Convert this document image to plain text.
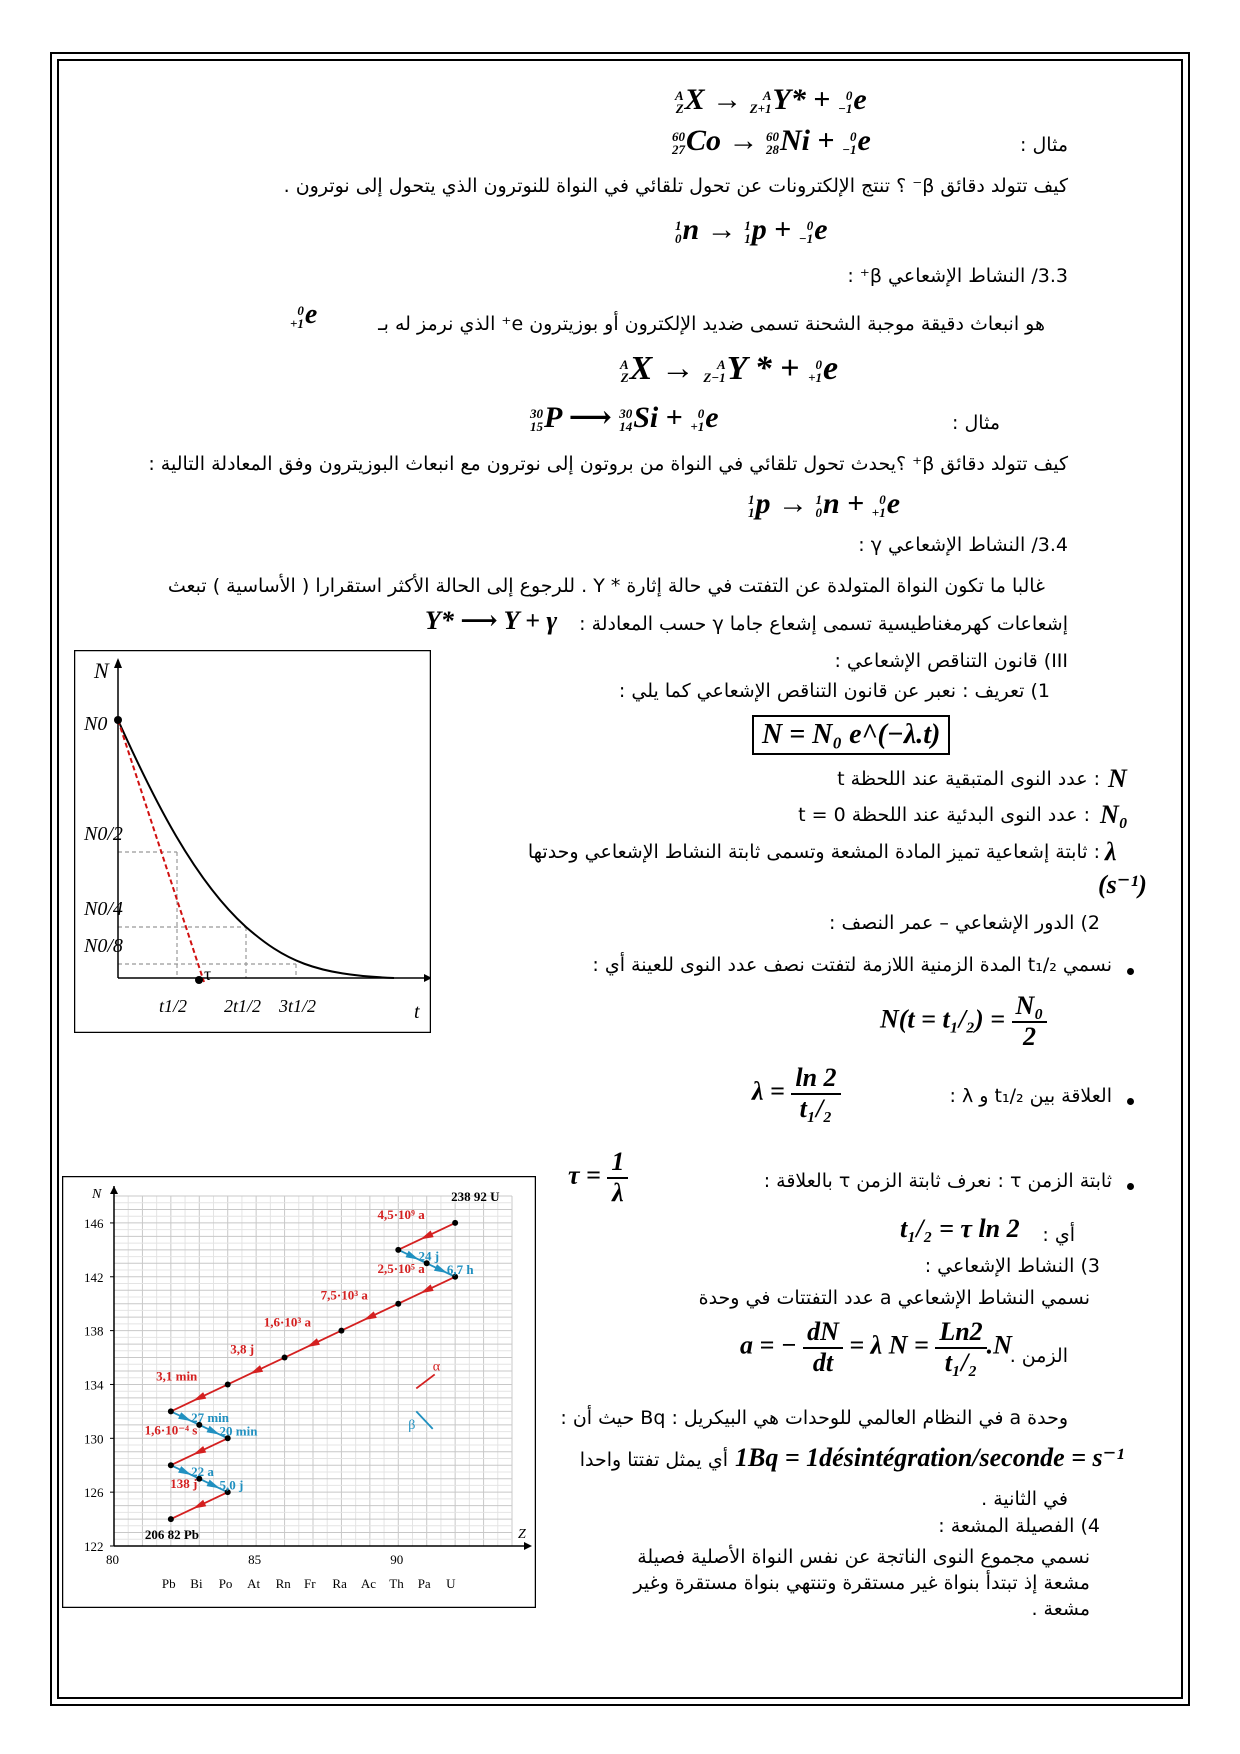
A
Z X →	A
Z+1 Y* +	0
−1 e
مثال :
60
27 Co → 60
28 Ni +	0
−1 e
كيف تتولد دقائق β⁻ ؟ تنتج الإلكترونات عن تحول تلقائي في النواة للنوترون الذي يتحول إلى نوترون .
1
0 n → 1
1 p +	0
−1 e
3.3/ النشاط الإشعاعي β⁺ :
هو انبعاث دقيقة موجبة الشحنة تسمى ضديد الإلكترون أو بوزيترون e⁺ الذي نرمز له بـ
0
+1 e
A
Z X →	A
Z−1 Y * +	0
+1 e
مثال :
30
15 P ⟶ 30
14 Si +	0
+1 e
كيف تتولد دقائق β⁺ ؟يحدث تحول تلقائي في النواة من بروتون إلى نوترون مع انبعاث البوزيترون وفق المعادلة التالية :
1
1 p → 1
0 n +	0
+1 e
3.4/ النشاط الإشعاعي γ :
غالبا ما تكون النواة المتولدة عن التفتت في حالة إثارة * Y . للرجوع إلى الحالة الأكثر استقرارا ( الأساسية ) تبعث
إشعاعات كهرمغناطيسية تسمى إشعاع جاما γ حسب المعادلة :
Y* ⟶ Y + γ
III) قانون التناقص الإشعاعي :
1) تعريف : نعبر عن قانون التناقص الإشعاعي كما يلي :
N = N₀ e^(−λ.t)
N
: عدد النوى المتبقية عند اللحظة t
N₀
: عدد النوى البدئية عند اللحظة t = 0
λ
: ثابتة إشعاعية تميز المادة المشعة وتسمى ثابتة النشاط الإشعاعي وحدتها
(s⁻¹)
2) الدور الإشعاعي – عمر النصف :
نسمي t₁/₂ المدة الزمنية اللازمة لتفتت نصف عدد النوى للعينة أي :
$N(t = t_1/_2) = \frac{\text{N₀}}{2}$
العلاقة بين t₁/₂ و λ :
$\lambda = \frac{\ln 2}{\text{t₁/₂}}$
ثابتة الزمن τ : نعرف ثابتة الزمن τ بالعلاقة :
$\tau = \frac{1}{\lambda}$
أي :
t₁/₂ = τ ln 2
3) النشاط الإشعاعي :
نسمي النشاط الإشعاعي a عدد التفتتات في وحدة
الزمن .
a = − $\frac{dN}{dt} = \lambda$ $N = \frac{Ln2}{\text{t₁/₂}} .N$
وحدة a في النظام العالمي للوحدات هي البيكريل : Bq حيث أن :
1Bq = 1désintégration/seconde = s⁻¹
أي يمثل تفتتا واحدا
في الثانية .
4) الفصيلة المشعة :
نسمي مجموع النوى الناتجة عن نفس النواة الأصلية فصيلة
مشعة إذ تبتدأ بنواة غير مستقرة وتنتهي بنواة مستقرة وغير
مشعة .
N
t
N0
N0/2
N0/4
N0/8
τ
t1/2 2t1/2 3t1/2
N
Z
122
126
130
134
138
142
146
80	85	90
Pb Bi Po At Rn Fr Ra Ac Th Pa U
4,5·10⁹ a
24 j
6,7 h
2,5·10⁵ a
7,5·10³ a
1,6·10³ a
3,8 j
3,1 min
27 min
20 min
1,6·10⁻⁴ s
22 a
5,0 j
138 j
238 92 U
206 82 Pb
α
β
